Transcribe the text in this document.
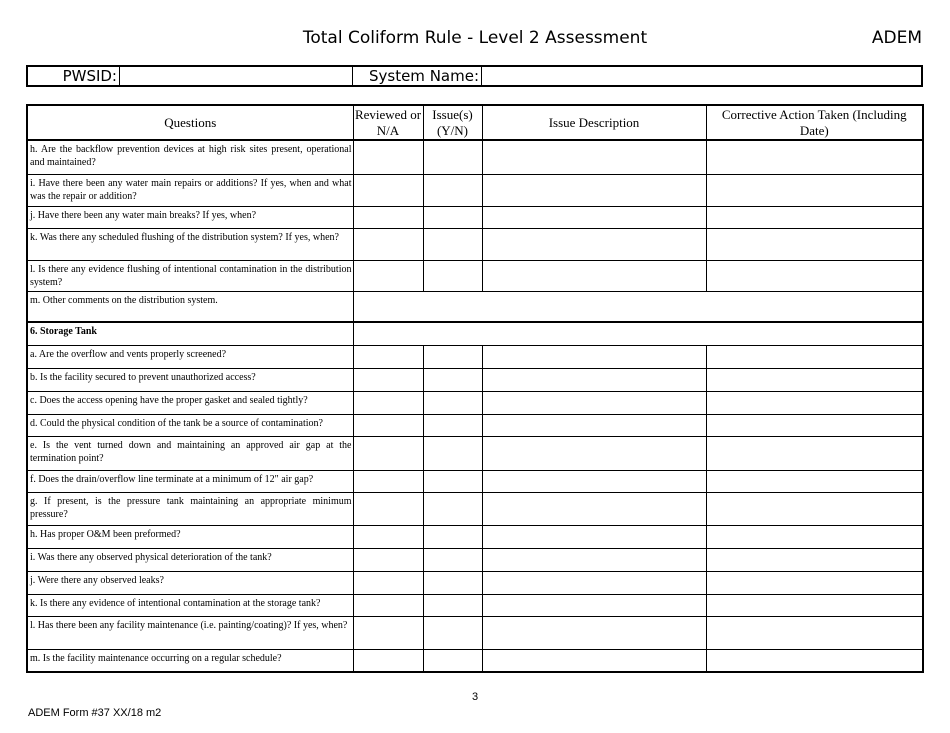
Total Coliform Rule - Level 2 Assessment	ADEM
PWSID:	System Name:
Questions	Reviewed or N/A	Issue(s) (Y/N)	Issue Description	Corrective Action Taken (Including Date)
h. Are the backflow prevention devices at high risk sites present, operational and maintained?				
i. Have there been any water main repairs or additions? If yes, when and what was the repair or addition?				
j. Have there been any water main breaks? If yes, when?				
k. Was there any scheduled flushing of the distribution system? If yes, when?				
l. Is there any evidence flushing of intentional contamination in the distribution system?				
m. Other comments on the distribution system.				
6. Storage Tank				
a. Are the overflow and vents properly screened?				
b. Is the facility secured to prevent unauthorized access?				
c. Does the access opening have the proper gasket and sealed tightly?				
d. Could the physical condition of the tank be a source of contamination?				
e. Is the vent turned down and maintaining an approved air gap at the termination point?				
f. Does the drain/overflow line terminate at a minimum of 12" air gap?				
g. If present, is the pressure tank maintaining an appropriate minimum pressure?				
h. Has proper O&M been preformed?				
i. Was there any observed physical deterioration of the tank?				
j. Were there any observed leaks?				
k. Is there any evidence of intentional contamination at the storage tank?				
l. Has there been any facility maintenance (i.e. painting/coating)? If yes, when?				
m. Is the facility maintenance occurring on a regular schedule?				
3
ADEM Form #37 XX/18 m2
